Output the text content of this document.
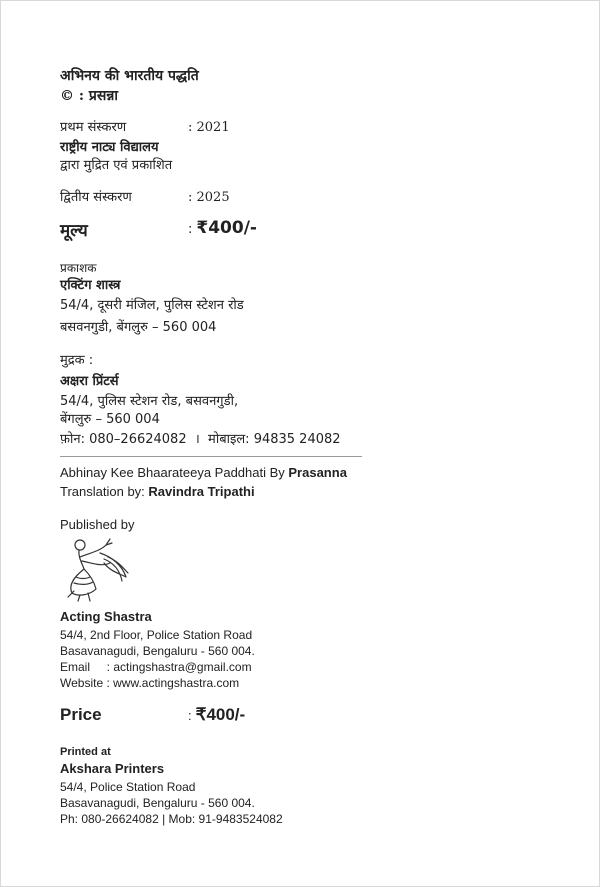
अभिनय की भारतीय पद्धति
© : प्रसन्ना
प्रथम संस्करण	: 2021
राष्ट्रीय नाट्य विद्यालय
द्वारा मुद्रित एवं प्रकाशित
द्वितीय संस्करण	: 2025
मूल्य	: ₹400/-
प्रकाशक
एक्टिंग शास्त्र
54/4, दूसरी मंजिल, पुलिस स्टेशन रोड
बसवनगुडी, बेंगलुरु – 560 004
मुद्रक :
अक्षरा प्रिंटर्स
54/4, पुलिस स्टेशन रोड, बसवनगुडी,
बेंगलुरु – 560 004
फ़ोन: 080–26624082  ।  मोबाइल: 94835 24082
Abhinay Kee Bhaarateeya Paddhati By Prasanna
Translation by: Ravindra Tripathi
Published by
Acting Shastra
54/4, 2nd Floor, Police Station Road
Basavanagudi, Bengaluru - 560 004.
Email     : actingshastra@gmail.com
Website : www.actingshastra.com
Price	: ₹400/-
Printed at
Akshara Printers
54/4, Police Station Road
Basavanagudi, Bengaluru - 560 004.
Ph: 080-26624082 | Mob: 91-9483524082
